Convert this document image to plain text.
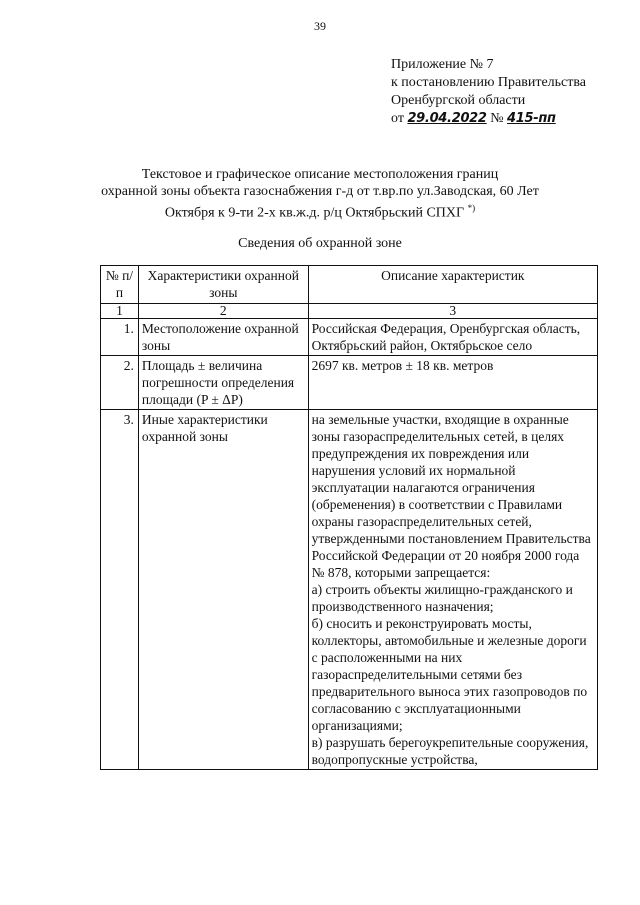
39
Приложение № 7
к постановлению Правительства
Оренбургской области
от 29.04.2022 № 415-пп
Текстовое и графическое описание местоположения границ
охранной зоны объекта газоснабжения г-д от т.вр.по ул.Заводская, 60 Лет
Октября к 9-ти 2-х кв.ж.д. р/ц Октябрьский СПХГ *)
Сведения об охранной зоне
№ п/п	Характеристики охранной зоны	Описание характеристик
1	2	3
1.	Местоположение охранной зоны	Российская Федерация, Оренбургская область, Октябрьский район, Октябрьское село

2.	Площадь ± величина погрешности определения площади (P ± ΔP)	2697 кв. метров ± 18 кв. метров

3.	Иные характеристики охранной зоны	на земельные участки, входящие в охранные зоны газораспределительных сетей, в целях предупреждения их повреждения или нарушения условий их нормальной эксплуатации налагаются ограничения (обременения) в соответствии с Правилами охраны газораспределительных сетей, утвержденными постановлением Правительства Российской Федерации от 20 ноября 2000 года № 878, которыми запрещается:
а) строить объекты жилищно-гражданского и производственного назначения;
б) сносить и реконструировать мосты, коллекторы, автомобильные и железные дороги с расположенными на них газораспределительными сетями без предварительного выноса этих газопроводов по согласованию с эксплуатационными организациями;
в) разрушать берегоукрепительные сооружения, водопропускные устройства,
